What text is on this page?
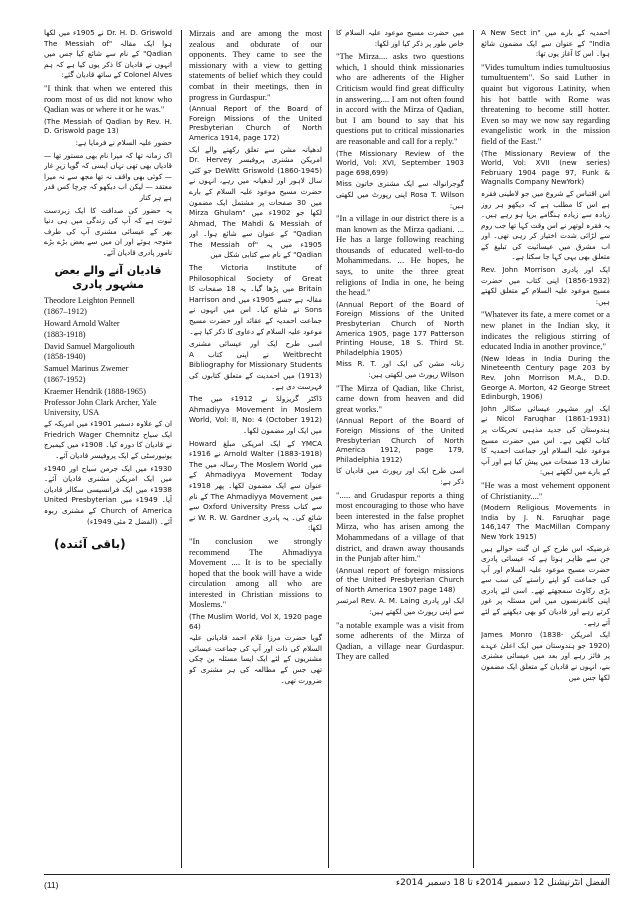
Dr. H. D. Griswold نے 1905ء میں لکھا ہوا ایک مقالہ "The Messiah of Qadian" کے نام سے شائع کیا جس میں انہوں نے قادیان کا ذکر یوں کیا ہے کہ ہم Colonel Alves کے ساتھ قادیان گئے:

"I think that when we entered this room most of us did not know who Qadian was or where it or he was."

(The Messiah of Qadian by Rev. H. D. Griswold page 13)

حضور علیہ السلام نے فرمایا ہے:

اک زمانہ تھا کہ میرا نام بھی مستور تھا — قادیاں بھی تھی نہاں ایسی کہ گویا زیرِ غار — کوئی بھی واقف نہ تھا مجھ سے نہ میرا معتقد — لیکن اب دیکھو کہ چرچا کس قدر ہے ہر کنار

یہ حضور کی صداقت کا ایک زبردست ثبوت ہے کہ آپ کی زندگی میں ہی دنیا بھر کے عیسائی مشنری آپ کی طرف متوجہ ہوئے اور ان میں سے بعض بڑے بڑے نامور پادری قادیان آئے۔

قادیان آنے والے بعض مشہور پادری

Theodore Leighton Pennell

(1867–1912)

Howard Arnold Walter

(1883-1918)

David Samuel Margoliouth

(1858-1940)

Samuel Marinus Zwemer

(1867-1952)

Kraemer Hendrik (1888-1965)

Professor John Clark Archer, Yale University, USA

ان کے علاوہ دسمبر 1901ء میں امریکہ کے ایک سیاح Friedrich Wager Chemnitz نے قادیان کا دورہ کیا۔ 1908ء میں کیمبرج یونیورسٹی کے ایک پروفیسر قادیان آئے۔

1930ء میں ایک جرمن سیاح اور 1940ء میں ایک امریکن مشنری قادیان آئے۔ 1938ء میں ایک فرانسیسی سکالر قادیان آیا۔ 1949ء میں United Presbyterian Church of America کے مشنری ربوہ آئے۔ (الفضل 2 مئی 1949ء)

(باقی آئندہ)

Mirzais and are among the most zealous and obdurate of our opponents. They came to see the missionary with a view to getting statements of belief which they could combat in their meetings, then in progress in Gurdaspur."

(Annual Report of the Board of Foreign Missions of the United Presbyterian Church of North America 1914, page 172)

لدھیانہ مشن سے تعلق رکھنے والے ایک امریکن مشنری پروفیسر Dr. Hervey DeWitt Griswold (1860-1945) جو کئی سال لاہور اور لدھیانہ میں رہے، انہوں نے حضرت مسیح موعود علیہ السلام کے بارے میں 30 صفحات پر مشتمل ایک مضمون لکھا جو 1902ء میں "Mirza Ghulam Ahmad, The Mahdi & Messiah of Qadian" کے عنوان سے شائع ہوا۔ اور 1905ء میں یہ "The Messiah of Qadian" کے نام سے کتابی شکل میں

The Victoria Institute of Philosophical Society of Great Britain میں پڑھا گیا۔ یہ 18 صفحات کا مقالہ ہے جسے 1905ء میں Harrison and Sons نے شائع کیا۔ اس میں انہوں نے جماعت احمدیہ کے عقائد اور حضرت مسیح موعود علیہ السلام کے دعاوی کا ذکر کیا ہے۔

اسی طرح ایک اور عیسائی مشنری Weitbrecht نے اپنی کتاب A Bibliography for Missionary Students (1913) میں احمدیت کے متعلق کتابوں کی فہرست دی ہے۔

ڈاکٹر گریزولڈ نے 1912ء میں The Ahmadiyya Movement in Moslem World, Vol: II, No: 4 (October 1912) میں ایک اور مضمون لکھا۔

YMCA کے ایک امریکی مبلغ Howard Arnold Walter (1883-1918) نے 1916ء میں The Moslem World رسالہ میں The Ahmadiyya Movement Today کے عنوان سے ایک مضمون لکھا۔ پھر 1918ء میں The Ahmadiyya Movement کے نام سے کتاب Oxford University Press سے شائع کی۔ یہ پادری W. R. W. Gardner نے لکھا:

"In conclusion we strongly recommend The Ahmadiyya Movement .... It is to be specially hoped that the book will have a wide circulation among all who are interested in Christian missions to Moslems."

(The Muslim World, Vol X, 1920 page 64)

گویا حضرت مرزا غلام احمد قادیانی علیہ السلام کی ذات اور آپ کی جماعت عیسائی مشنریوں کے لئے ایک ایسا مسئلہ بن چکی تھی جس کے مطالعہ کی ہر مشنری کو ضرورت تھی۔

میں حضرت مسیح موعود علیہ السلام کا خاص طور پر ذکر کیا اور لکھا:

"The Mirza.... asks two questions which, I should think missionaries who are adherents of the Higher Criticism would find great difficulty in answering.... I am not often found in accord with the Mirza of Qadian, but I am bound to say that his questions put to critical missionaries are reasonable and call for a reply."

(The Missionary Review of the World, Vol: XVI, September 1903 page 698,699)

گوجرانوالہ سے ایک مشنری خاتون Miss Rosa T. Wilson اپنی رپورٹ میں لکھتی ہیں:

"In a village in our district there is a man known as the Mirza qadiani. ... He has a large following reaching thousands of educated well-to-do Mohammedans. ... He hopes, he says, to unite the three great religions of India in one, he being the head."

(Annual Report of the Board of Foreign Missions of the United Presbyterian Church of North America 1905, page 177 Patterson Printing House, 18 S. Third St. Philadelphia 1905)

زنانہ مشن کی ایک اور Miss R. T. Wilson رپورٹ میں لکھتی ہیں:

"The Mirza of Qadian, like Christ, came down from heaven and did great works."

(Annual Report of the Board of Foreign Missions of the United Presbyterian Church of North America 1912, page 179, Philadelphia 1912)

اسی طرح ایک اور رپورٹ میں قادیان کا ذکر ہے:

"..... and Grudaspur reports a thing most encouraging to those who have been interested in the false prophet Mirza, who has arisen among the Mohammedans of a village of that district, and drawn away thousands in the Punjab after him."

(Annual report of foreign missions of the United Presbyterian Church of North America 1907 page 148)

ایک اور پادری Rev. A. M. Laing امرتسر سے اپنی رپورٹ میں لکھتے ہیں:

"a notable example was a visit from some adherents of the Mirza of Qadian, a village near Gurdaspur. They are called

احمدیہ کے بارے میں "A New Sect in India" کے عنوان سے ایک مضمون شائع ہوا۔ اس کا آغاز یوں تھا:

"Vides tumultum indies tumultuosius tumultuentem". So said Luther in quaint but vigorous Latinity, when his hot battle with Rome was threatening to become still hotter. Even so may we now say regarding evangelistic work in the mission field of the East."

(The Missionary Review of the World, Vol: XVII (new series) February 1904 page 97, Funk & Wagnalls Company NewYork)

اس اقتباس کے شروع میں جو لاطینی فقرہ ہے اس کا مطلب ہے کہ دیکھو ہر روز زیادہ سے زیادہ ہنگامے برپا ہو رہے ہیں۔ یہ فقرہ لوتھر نے اس وقت کہا تھا جب روم سے لڑائی شدت اختیار کر رہی تھی۔ اور اب مشرق میں عیسائیت کی تبلیغ کے متعلق بھی یہی کہا جا سکتا ہے۔

ایک اور پادری Rev. John Morrison (1856-1932) اپنی کتاب میں حضرت مسیح موعود علیہ السلام کے متعلق لکھتے ہیں:

"Whatever its fate, a mere comet or a new planet in the Indian sky, it indicates the religious stirring of educated India in another province,"

(New Ideas in India During the Nineteenth Century page 203 by Rev. John Morrison M.A., D.D. George A. Morton, 42 George Street Edinburgh, 1906)

ایک اور مشہور عیسائی سکالر John Nicol Faruqhar (1861-1931) نے ہندوستان کی جدید مذہبی تحریکات پر کتاب لکھی ہے۔ اس میں حضرت مسیح موعود علیہ السلام اور جماعت احمدیہ کا تعارف 13 صفحات میں پیش کیا ہے اور آپ کے بارے میں لکھتے ہیں:

"He was a most vehement opponent of Christianity...."

(Modern Religious Movements in India by J. N. Faruqhar page 146,147 The MacMillan Company New York 1915)

غرضیکہ اس طرح کے ان گنت حوالے ہیں جن سے ظاہر ہوتا ہے کہ عیسائی پادری حضرت مسیح موعود علیہ السلام اور آپ کی جماعت کو اپنے راستے کی سب سے بڑی رکاوٹ سمجھتے تھے۔ اسی لئے پادری اپنی کانفرنسوں میں اس مسئلہ پر غور کرتے رہے اور قادیان کو بھی دیکھنے کے لئے آتے رہے۔

ایک امریکن James Monro (1838-1920) جو ہندوستان میں ایک اعلیٰ عہدے پر فائز رہے اور بعد میں عیسائی مشنری بنے، انہوں نے قادیان کے متعلق ایک مضمون لکھا جس میں

(11)	الفضل انٹرنیشنل 12 دسمبر 2014ء تا 18 دسمبر 2014ء
